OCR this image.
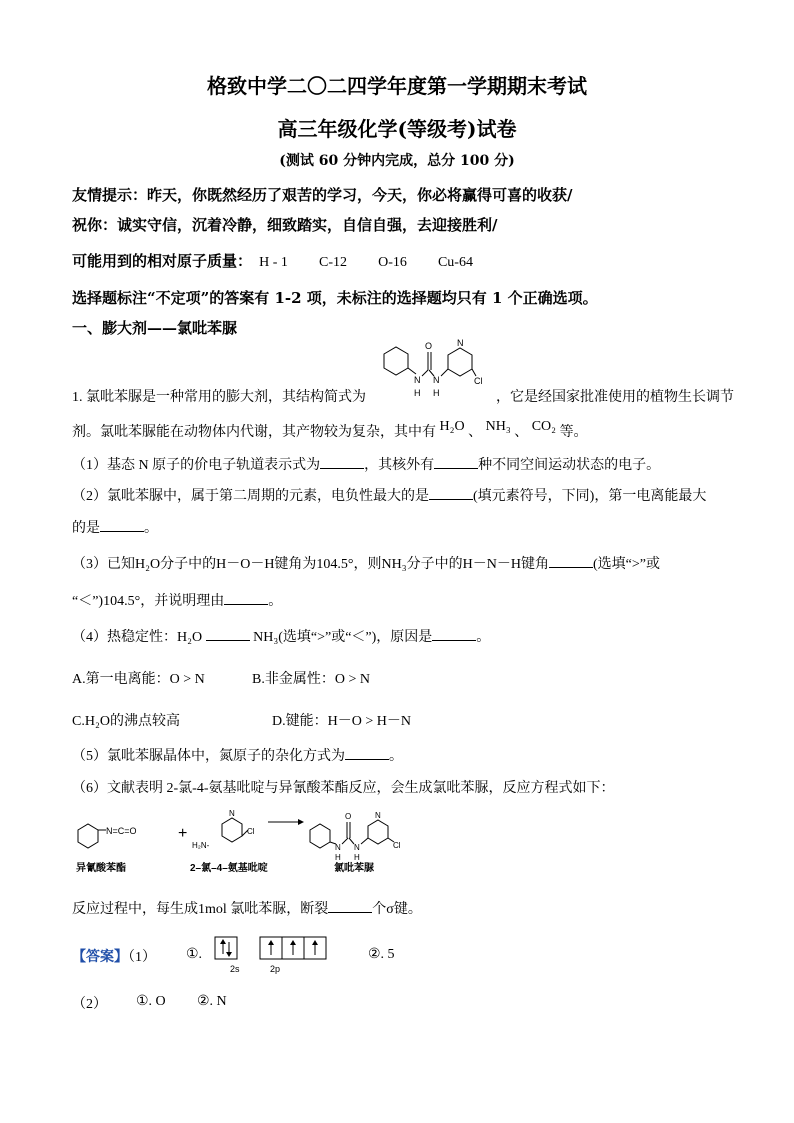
格致中学二〇二四学年度第一学期期末考试
高三年级化学(等级考)试卷
(测试 60 分钟内完成，总分 100 分)
友情提示：昨天，你既然经历了艰苦的学习，今天，你必将赢得可喜的收获/
祝你：诚实守信，沉着冷静，细致踏实，自信自强，去迎接胜利/
可能用到的相对原子质量： H - 1 C-12 O-16 Cu-64
选择题标注“不定项”的答案有 1-2 项，未标注的选择题均只有 1 个正确选项。
一、膨大剂——氯吡苯脲
N
H
O
N
H
N
Cl
1. 氯吡苯脲是一种常用的膨大剂，其结构简式为	，它是经国家批准使用的植物生长调节
剂。氯吡苯脲能在动物体内代谢，其产物较为复杂，其中有 H₂O 、 NH₃ 、 CO₂ 等。
（1）基态 N 原子的价电子轨道表示式为	，其核外有	种不同空间运动状态的电子。
（2）氯吡苯脲中，属于第二周期的元素，电负性最大的是	(填元素符号，下同)，第一电离能最大
的是	。
（3）已知H₂O分子中的H－O－H键角为104.5°，则NH₃分子中的H－N－H键角	(选填“>”或
“＜”)104.5°，并说明理由	。
（4）热稳定性：H₂O	NH₃(选填“>”或“＜”)，原因是	。
A.第一电离能：O > N	B.非金属性：O > N
C.H₂O的沸点较高	D.键能：H－O > H－N
（5）氯吡苯脲晶体中，氮原子的杂化方式为	。
（6）文献表明 2-氯-4-氨基吡啶与异氰酸苯酯反应，会生成氯吡苯脲，反应方程式如下：
N=C=O
异氰酸苯酯
+
N
Cl
H₂N-
2–氯–4–氨基吡啶
N
H
O
N
H
N
Cl
氯吡苯脲
反应过程中，每生成1mol 氯吡苯脲，断裂	个σ键。
【答案】（1） ①.
2s	2p
②. 5
（2） ①. O ②. N
